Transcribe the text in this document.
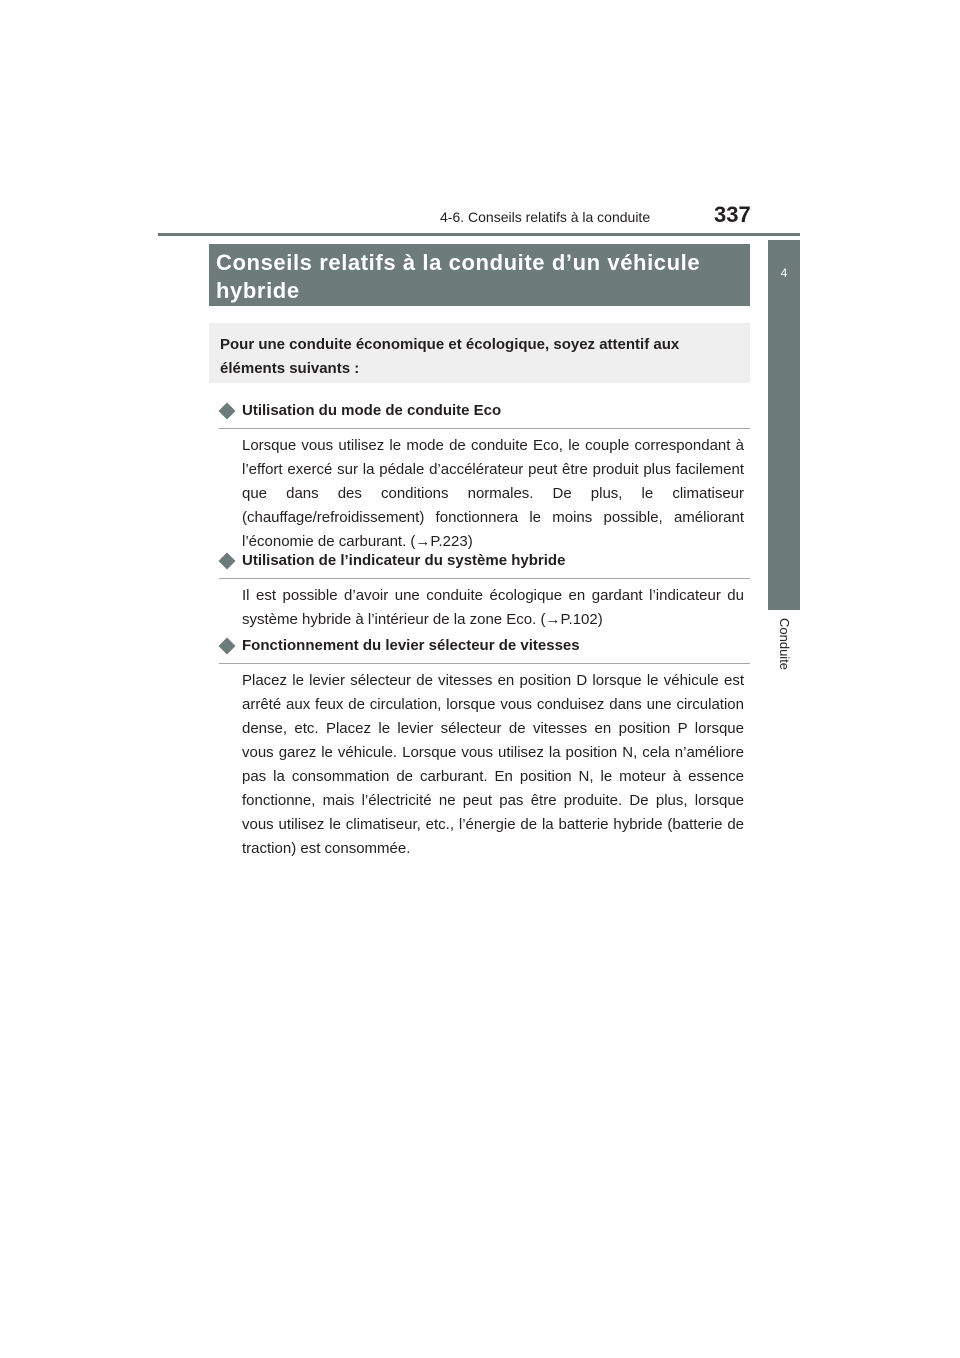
4-6. Conseils relatifs à la conduite	337
4
Conduite
Conseils relatifs à la conduite d’un véhicule hybride
Pour une conduite économique et écologique, soyez attentif aux éléments suivants :
Utilisation du mode de conduite Eco

Lorsque vous utilisez le mode de conduite Eco, le couple correspondant à l’effort exercé sur la pédale d’accélérateur peut être produit plus facilement que dans des conditions normales. De plus, le climatiseur (chauffage/refroidissement) fonctionnera le moins possible, améliorant l’économie de carburant. (→P.223)

Utilisation de l’indicateur du système hybride

Il est possible d’avoir une conduite écologique en gardant l’indicateur du système hybride à l’intérieur de la zone Eco. (→P.102)

Fonctionnement du levier sélecteur de vitesses

Placez le levier sélecteur de vitesses en position D lorsque le véhicule est arrêté aux feux de circulation, lorsque vous conduisez dans une circulation dense, etc. Placez le levier sélecteur de vitesses en position P lorsque vous garez le véhicule. Lorsque vous utilisez la position N, cela n’améliore pas la consommation de carburant. En position N, le moteur à essence fonctionne, mais l’électricité ne peut pas être produite. De plus, lorsque vous utilisez le climatiseur, etc., l’énergie de la batterie hybride (batterie de traction) est consommée.
